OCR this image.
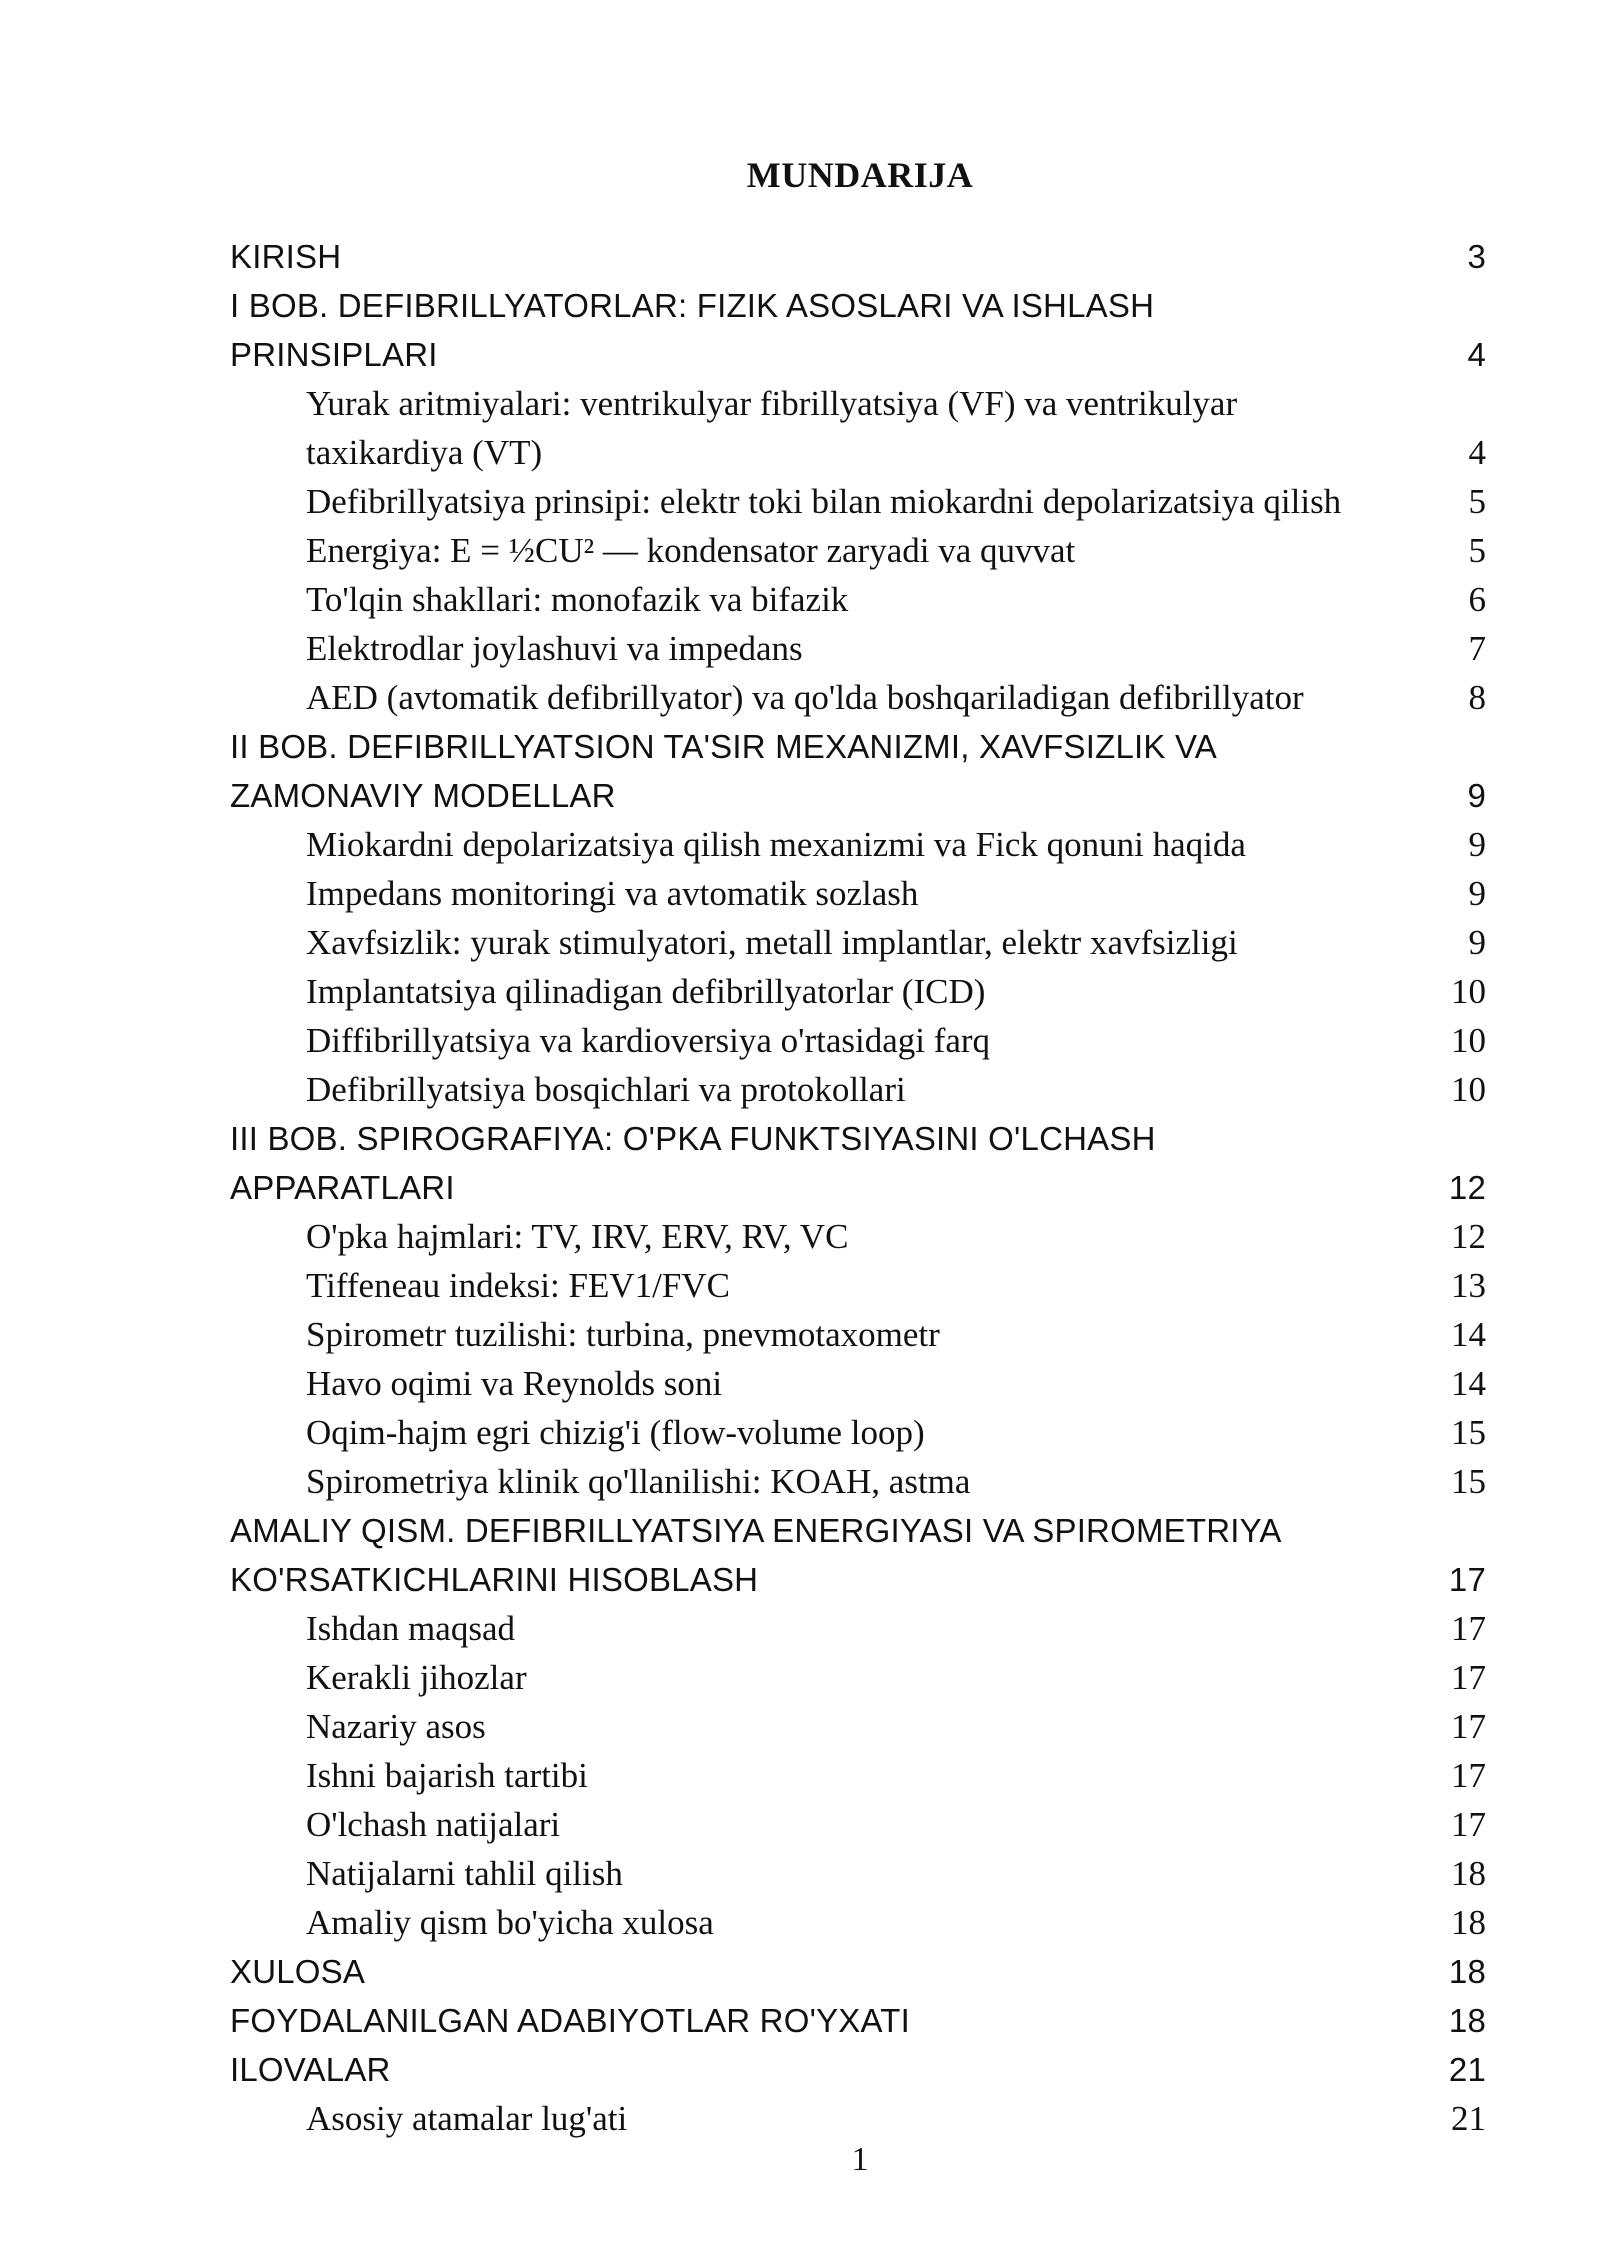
MUNDARIJA
KIRISH	3
I BOB. DEFIBRILLYATORLAR: FIZIK ASOSLARI VA ISHLASH
PRINSIPLARI	4
Yurak aritmiyalari: ventrikulyar fibrillyatsiya (VF) va ventrikulyar
taxikardiya (VT)	4
Defibrillyatsiya prinsipi: elektr toki bilan miokardni depolarizatsiya qilish	5
Energiya: E = ½CU² — kondensator zaryadi va quvvat	5
To'lqin shakllari: monofazik va bifazik	6
Elektrodlar joylashuvi va impedans	7
AED (avtomatik defibrillyator) va qo'lda boshqariladigan defibrillyator	8
II BOB. DEFIBRILLYATSION TA'SIR MEXANIZMI, XAVFSIZLIK VA
ZAMONAVIY MODELLAR	9
Miokardni depolarizatsiya qilish mexanizmi va Fick qonuni haqida	9
Impedans monitoringi va avtomatik sozlash	9
Xavfsizlik: yurak stimulyatori, metall implantlar, elektr xavfsizligi	9
Implantatsiya qilinadigan defibrillyatorlar (ICD)	10
Diffibrillyatsiya va kardioversiya o'rtasidagi farq	10
Defibrillyatsiya bosqichlari va protokollari	10
III BOB. SPIROGRAFIYA: O'PKA FUNKTSIYASINI O'LCHASH
APPARATLARI	12
O'pka hajmlari: TV, IRV, ERV, RV, VC	12
Tiffeneau indeksi: FEV1/FVC	13
Spirometr tuzilishi: turbina, pnevmotaxometr	14
Havo oqimi va Reynolds soni	14
Oqim-hajm egri chizig'i (flow-volume loop)	15
Spirometriya klinik qo'llanilishi: KOAH, astma	15
AMALIY QISM. DEFIBRILLYATSIYA ENERGIYASI VA SPIROMETRIYA
KO'RSATKICHLARINI HISOBLASH	17
Ishdan maqsad	17
Kerakli jihozlar	17
Nazariy asos	17
Ishni bajarish tartibi	17
O'lchash natijalari	17
Natijalarni tahlil qilish	18
Amaliy qism bo'yicha xulosa	18
XULOSA	18
FOYDALANILGAN ADABIYOTLAR RO'YXATI	18
ILOVALAR	21
Asosiy atamalar lug'ati	21
1
